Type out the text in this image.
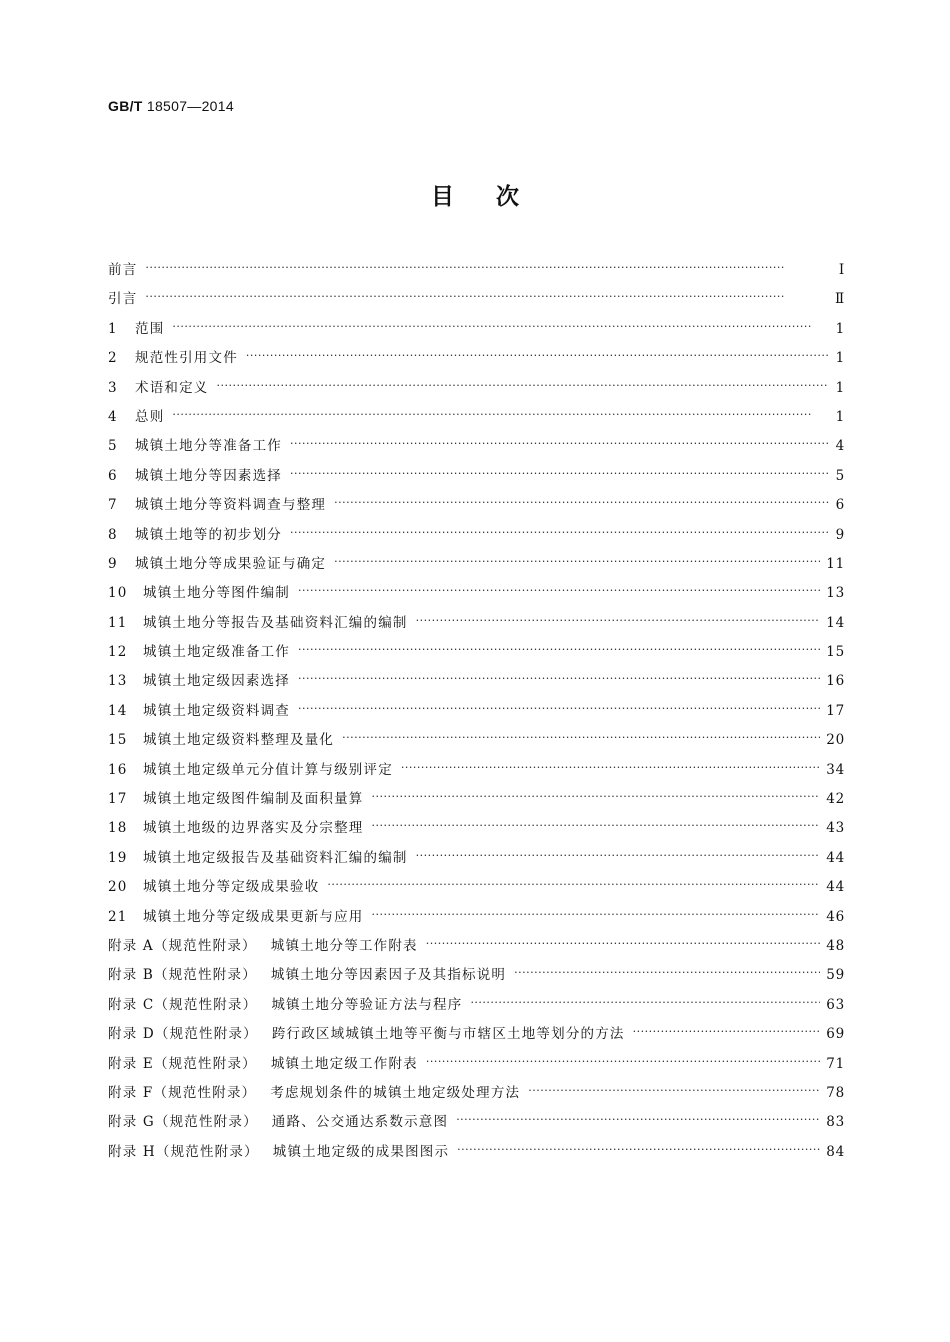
GB/T 18507—2014
目次
前言 ·····	Ⅰ
引言 ·····	Ⅱ
1	范围 ·····	1
2	规范性引用文件 ·····	1
3	术语和定义 ·····	1
4	总则 ·····	1
5	城镇土地分等准备工作 ·····	4
6	城镇土地分等因素选择 ·····	5
7	城镇土地分等资料调查与整理 ·····	6
8	城镇土地等的初步划分 ·····	9
9	城镇土地分等成果验证与确定 ·····	11
10	城镇土地分等图件编制 ·····	13
11	城镇土地分等报告及基础资料汇编的编制 ·····	14
12	城镇土地定级准备工作 ·····	15
13	城镇土地定级因素选择 ·····	16
14	城镇土地定级资料调查 ·····	17
15	城镇土地定级资料整理及量化 ·····	20
16	城镇土地定级单元分值计算与级别评定 ·····	34
17	城镇土地定级图件编制及面积量算 ·····	42
18	城镇土地级的边界落实及分宗整理 ·····	43
19	城镇土地定级报告及基础资料汇编的编制 ·····	44
20	城镇土地分等定级成果验收 ·····	44
21	城镇土地分等定级成果更新与应用 ·····	46
附录 A（规范性附录） 城镇土地分等工作附表 ·····	48
附录 B（规范性附录） 城镇土地分等因素因子及其指标说明 ·····	59
附录 C（规范性附录） 城镇土地分等验证方法与程序 ·····	63
附录 D（规范性附录） 跨行政区域城镇土地等平衡与市辖区土地等划分的方法 ·····	69
附录 E（规范性附录） 城镇土地定级工作附表 ·····	71
附录 F（规范性附录） 考虑规划条件的城镇土地定级处理方法 ·····	78
附录 G（规范性附录） 通路、公交通达系数示意图 ·····	83
附录 H（规范性附录） 城镇土地定级的成果图图示 ·····	84
